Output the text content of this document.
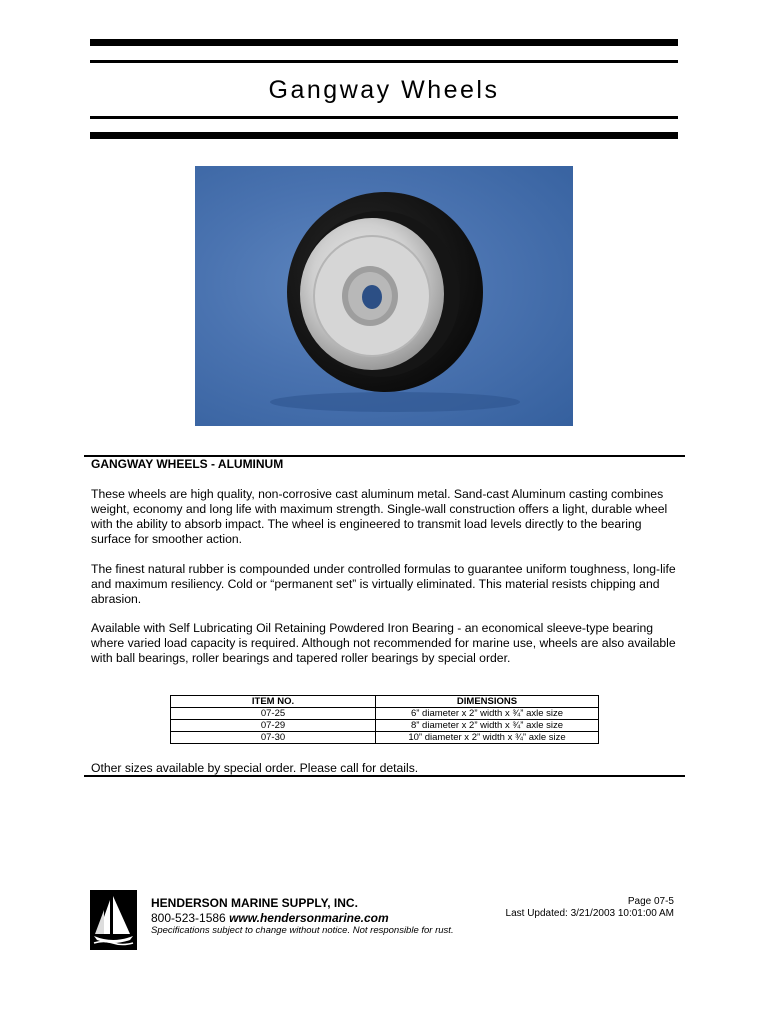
Gangway Wheels
GANGWAY WHEELS - ALUMINUM

These wheels are high quality, non-corrosive cast aluminum metal. Sand-cast Aluminum casting combines weight, economy and long life with maximum strength. Single-wall construction offers a light, durable wheel with the ability to absorb impact. The wheel is engineered to transmit load levels directly to the bearing surface for smoother action.

The finest natural rubber is compounded under controlled formulas to guarantee uniform toughness, long-life and maximum resiliency. Cold or “permanent set” is virtually eliminated. This material resists chipping and abrasion.

Available with Self Lubricating Oil Retaining Powdered Iron Bearing - an economical sleeve-type bearing where varied load capacity is required. Although not recommended for marine use, wheels are also available with ball bearings, roller bearings and tapered roller bearings by special order.

ITEM NO.	DIMENSIONS
07-25	6” diameter x 2” width x ¾” axle size
07-29	8” diameter x 2” width x ¾” axle size
07-30	10” diameter x 2” width x ¾” axle size
Other sizes available by special order. Please call for details.
HENDERSON MARINE SUPPLY, INC.
800-523-1586 www.hendersonmarine.com
Specifications subject to change without notice. Not responsible for rust.
Page 07-5
Last Updated: 3/21/2003 10:01:00 AM
